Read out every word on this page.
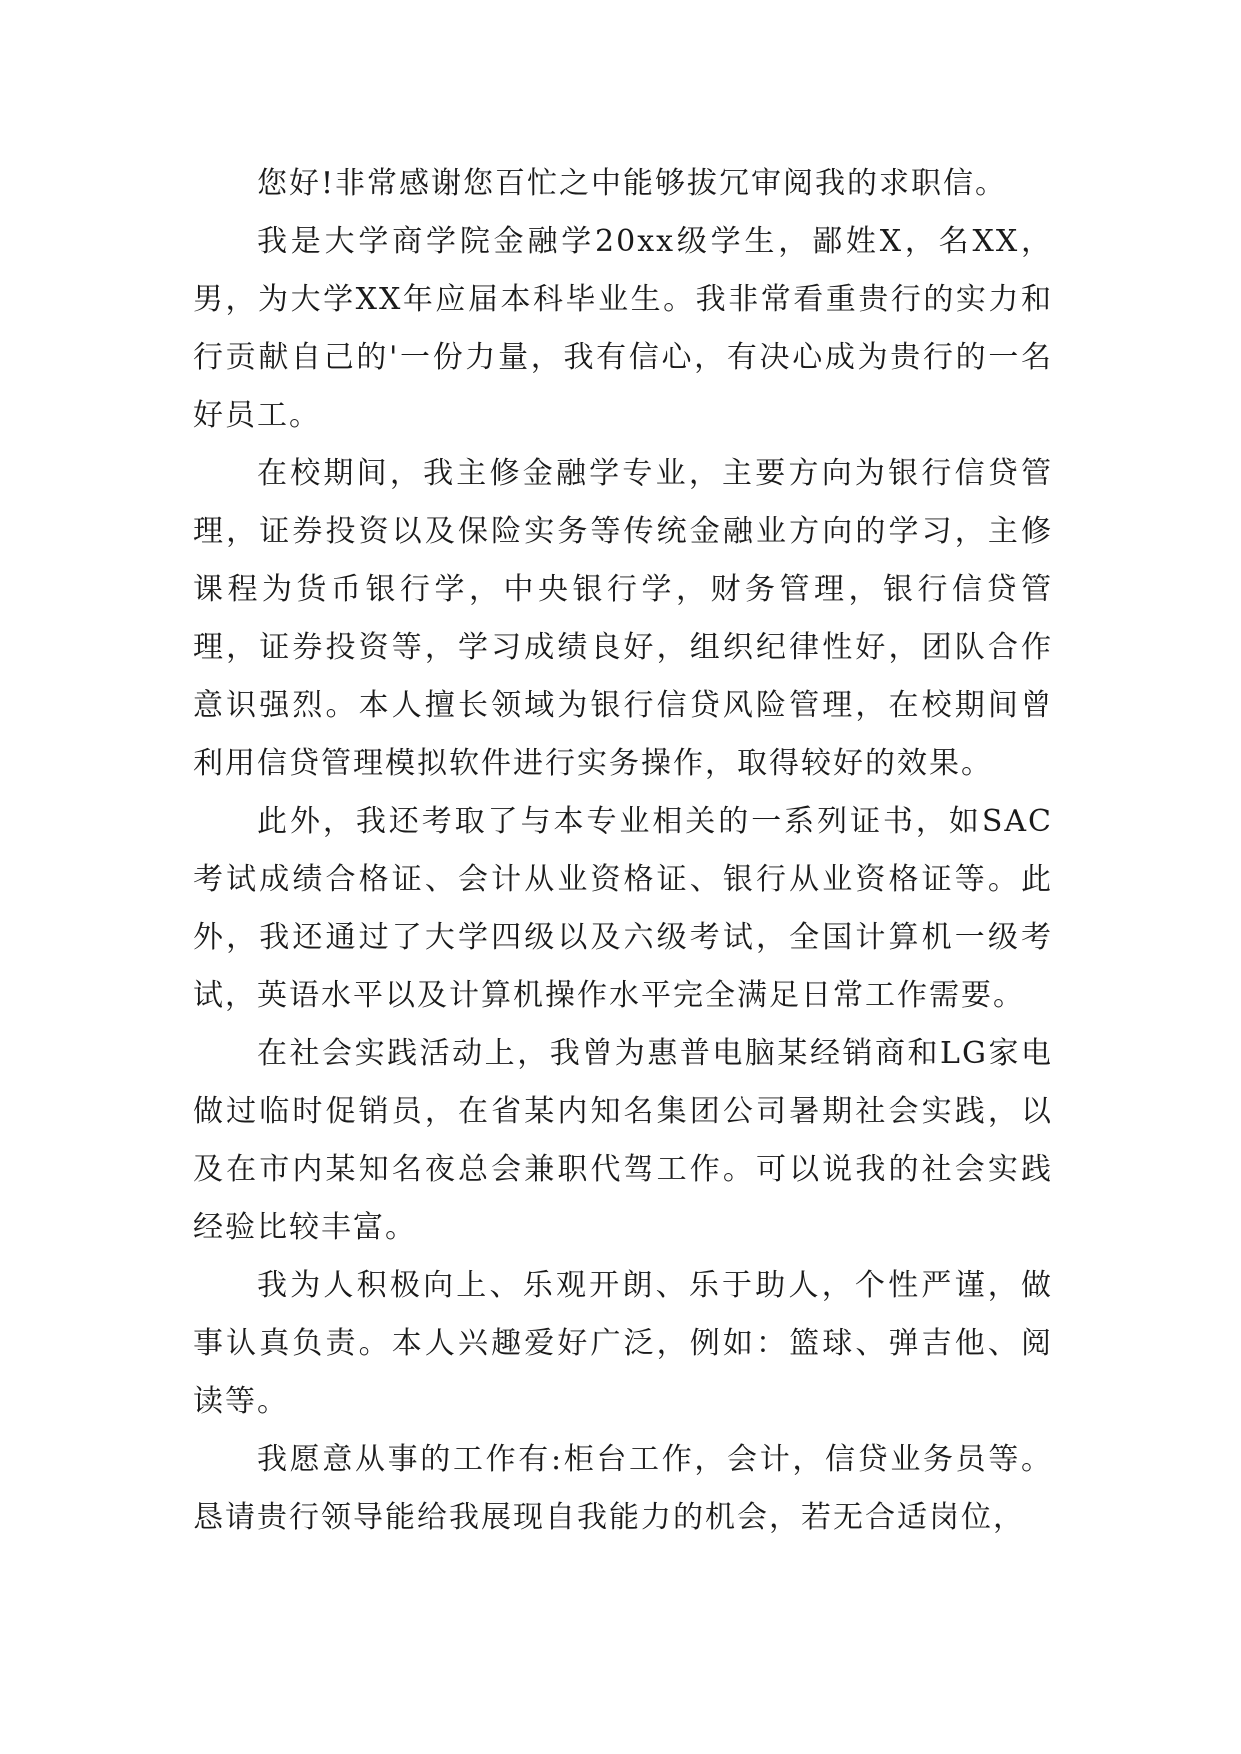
您好!非常感谢您百忙之中能够拔冗审阅我的求职信。

我是大学商学院金融学20xx级学生，鄙姓X，名XX，男，为大学XX年应届本科毕业生。我非常看重贵行的实力和行贡献自己的'一份力量，我有信心，有决心成为贵行的一名好员工。

在校期间，我主修金融学专业，主要方向为银行信贷管理，证券投资以及保险实务等传统金融业方向的学习，主修课程为货币银行学，中央银行学，财务管理，银行信贷管理，证券投资等，学习成绩良好，组织纪律性好，团队合作意识强烈。本人擅长领域为银行信贷风险管理，在校期间曾利用信贷管理模拟软件进行实务操作，取得较好的效果。

此外，我还考取了与本专业相关的一系列证书，如SAC考试成绩合格证、会计从业资格证、银行从业资格证等。此外，我还通过了大学四级以及六级考试，全国计算机一级考试，英语水平以及计算机操作水平完全满足日常工作需要。

在社会实践活动上，我曾为惠普电脑某经销商和LG家电做过临时促销员，在省某内知名集团公司暑期社会实践，以及在市内某知名夜总会兼职代驾工作。可以说我的社会实践经验比较丰富。

我为人积极向上、乐观开朗、乐于助人，个性严谨，做事认真负责。本人兴趣爱好广泛，例如：篮球、弹吉他、阅读等。

我愿意从事的工作有:柜台工作，会计，信贷业务员等。恳请贵行领导能给我展现自我能力的机会，若无合适岗位，
